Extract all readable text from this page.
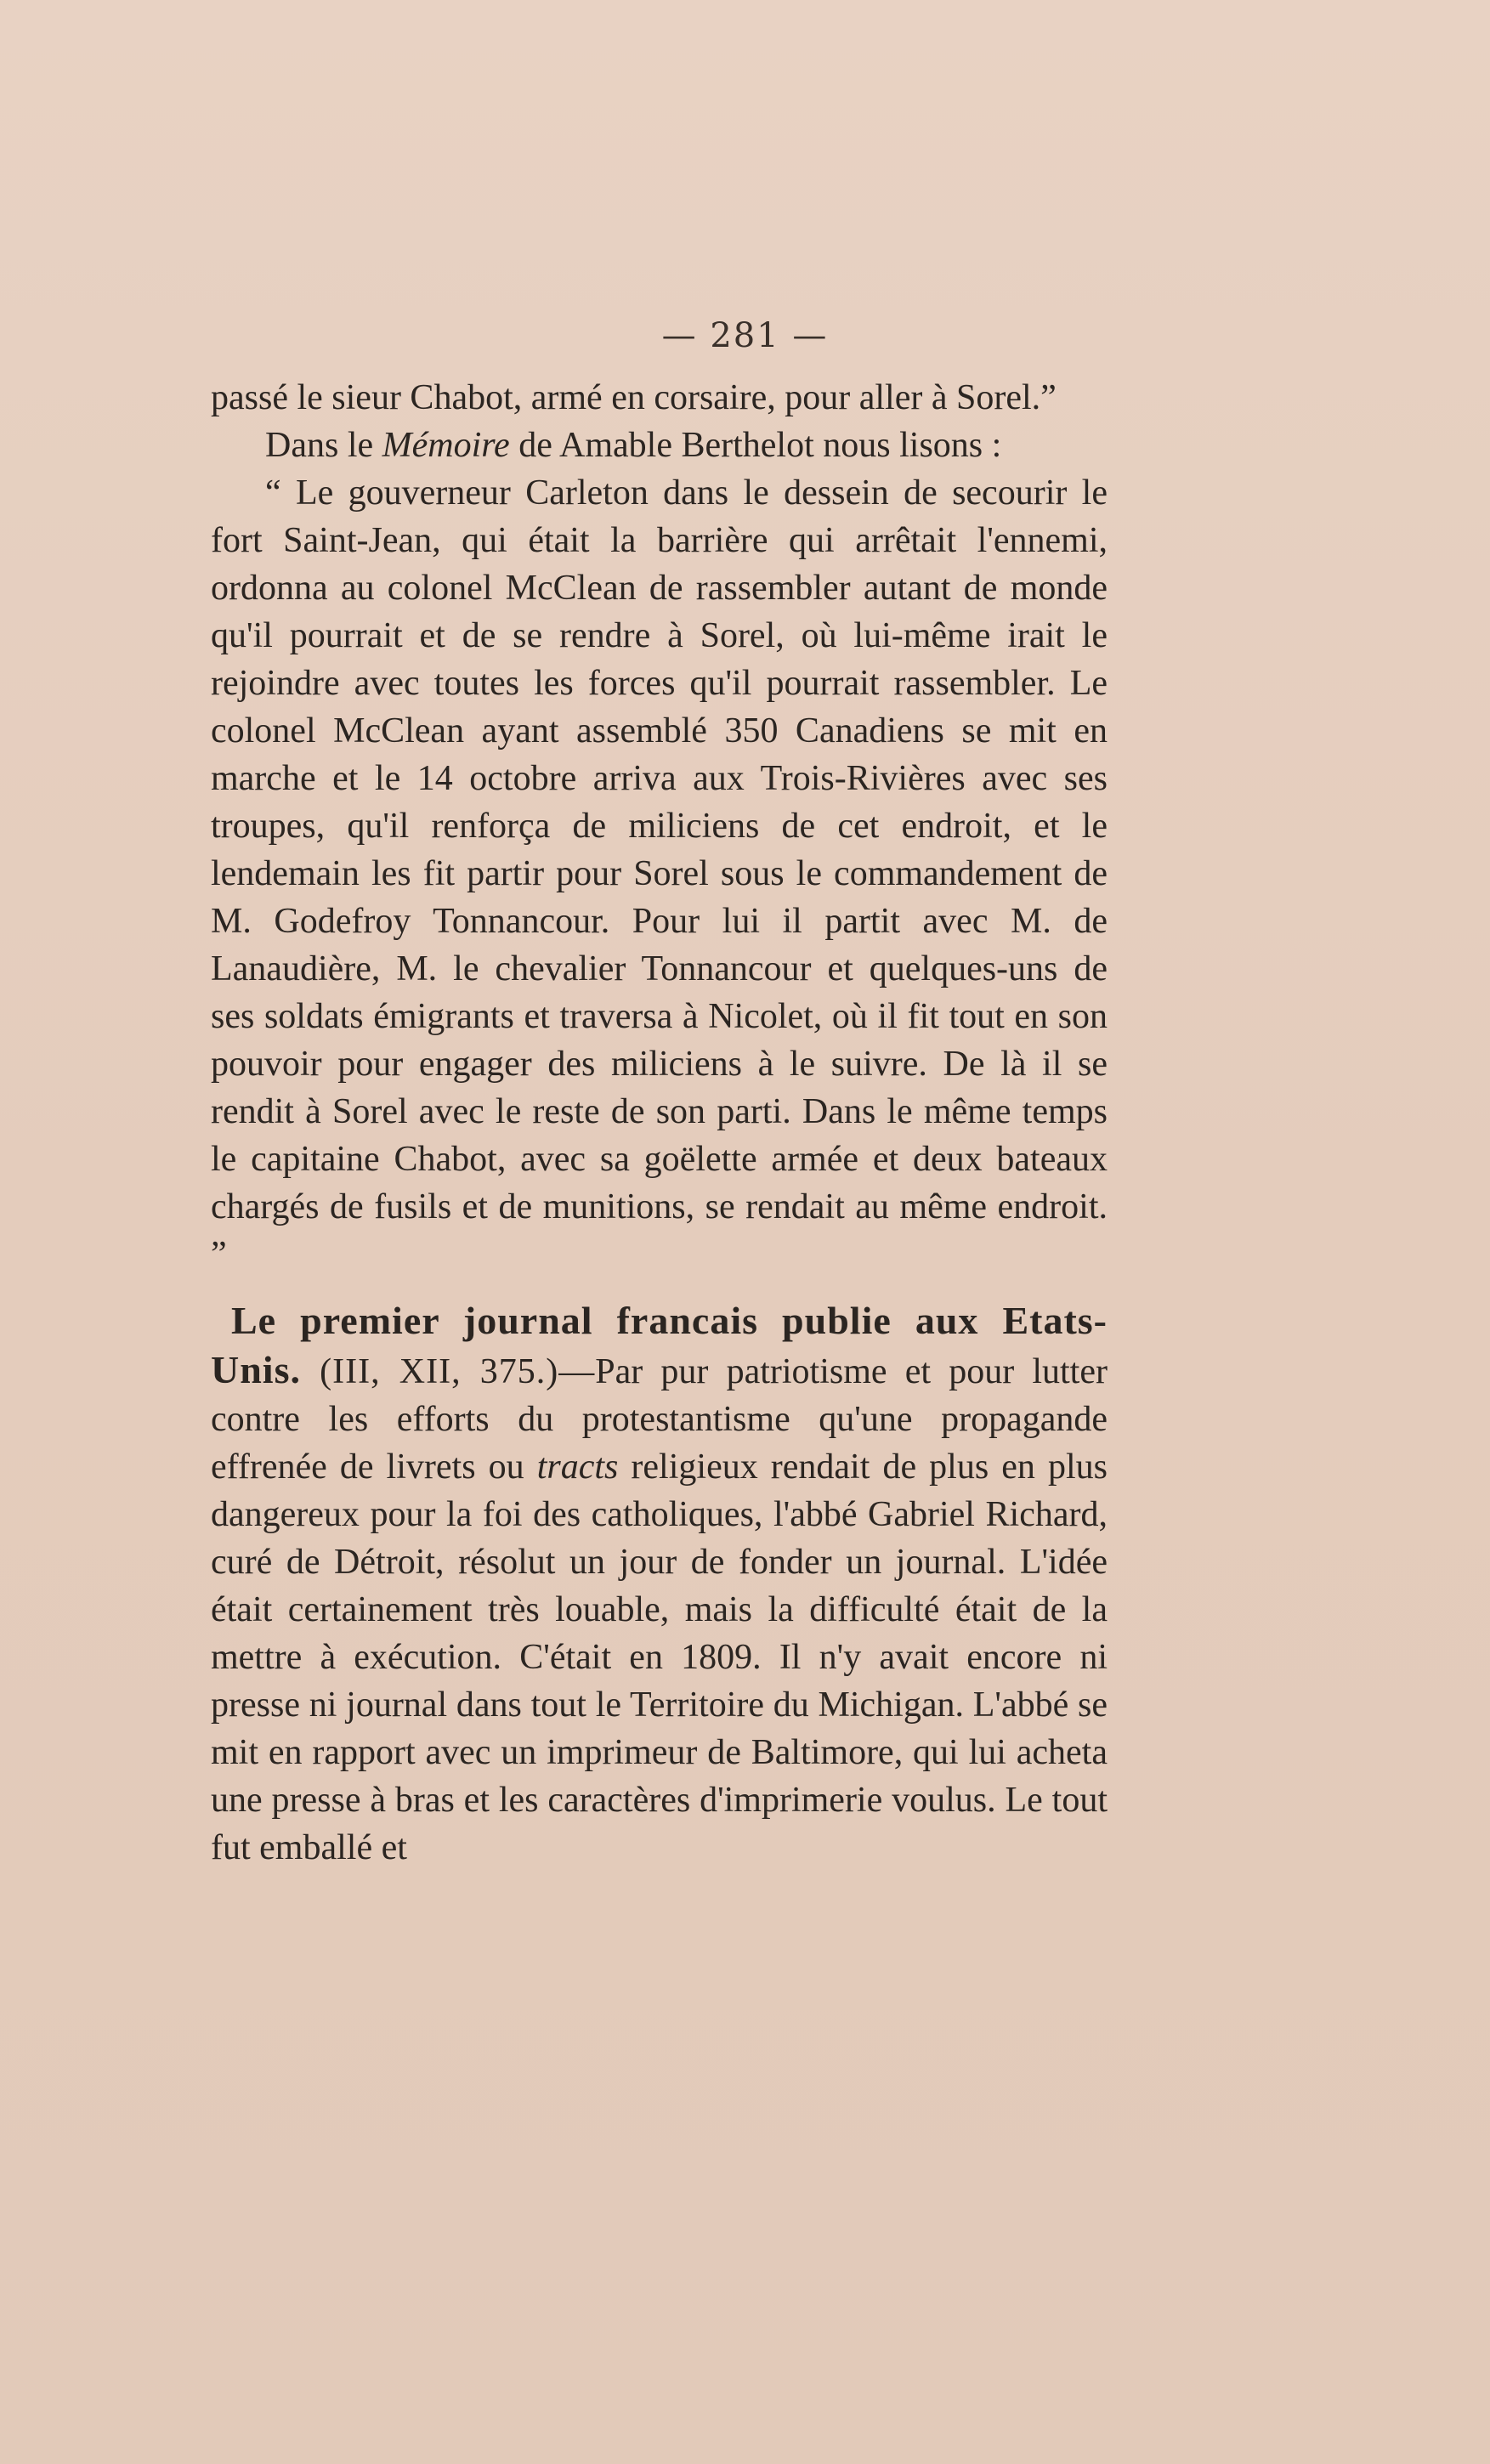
— 281 —

passé le sieur Chabot, armé en corsaire, pour aller à Sorel.”

Dans le Mémoire de Amable Berthelot nous lisons :

“ Le gouverneur Carleton dans le dessein de secourir le fort Saint-Jean, qui était la barrière qui arrêtait l'ennemi, ordonna au colonel McClean de rassembler autant de monde qu'il pourrait et de se rendre à Sorel, où lui-même irait le rejoindre avec toutes les forces qu'il pourrait rassembler. Le colonel McClean ayant assemblé 350 Canadiens se mit en marche et le 14 octobre arriva aux Trois-Rivières avec ses troupes, qu'il renforça de miliciens de cet endroit, et le lendemain les fit partir pour Sorel sous le commandement de M. Godefroy Tonnancour. Pour lui il partit avec M. de Lanaudière, M. le chevalier Tonnancour et quelques-uns de ses soldats émigrants et traversa à Nicolet, où il fit tout en son pouvoir pour engager des miliciens à le suivre. De là il se rendit à Sorel avec le reste de son parti. Dans le même temps le capitaine Chabot, avec sa goëlette armée et deux bateaux chargés de fusils et de munitions, se rendait au même endroit. ”

Le premier journal francais publie aux Etats-Unis. (III, XII, 375.)—Par pur patriotisme et pour lutter contre les efforts du protestantisme qu'une propagande effrenée de livrets ou tracts religieux rendait de plus en plus dangereux pour la foi des catholiques, l'abbé Gabriel Richard, curé de Détroit, résolut un jour de fonder un journal. L'idée était certainement très louable, mais la difficulté était de la mettre à exécution. C'était en 1809. Il n'y avait encore ni presse ni journal dans tout le Territoire du Michigan. L'abbé se mit en rapport avec un imprimeur de Baltimore, qui lui acheta une presse à bras et les caractères d'imprimerie voulus. Le tout fut emballé et
